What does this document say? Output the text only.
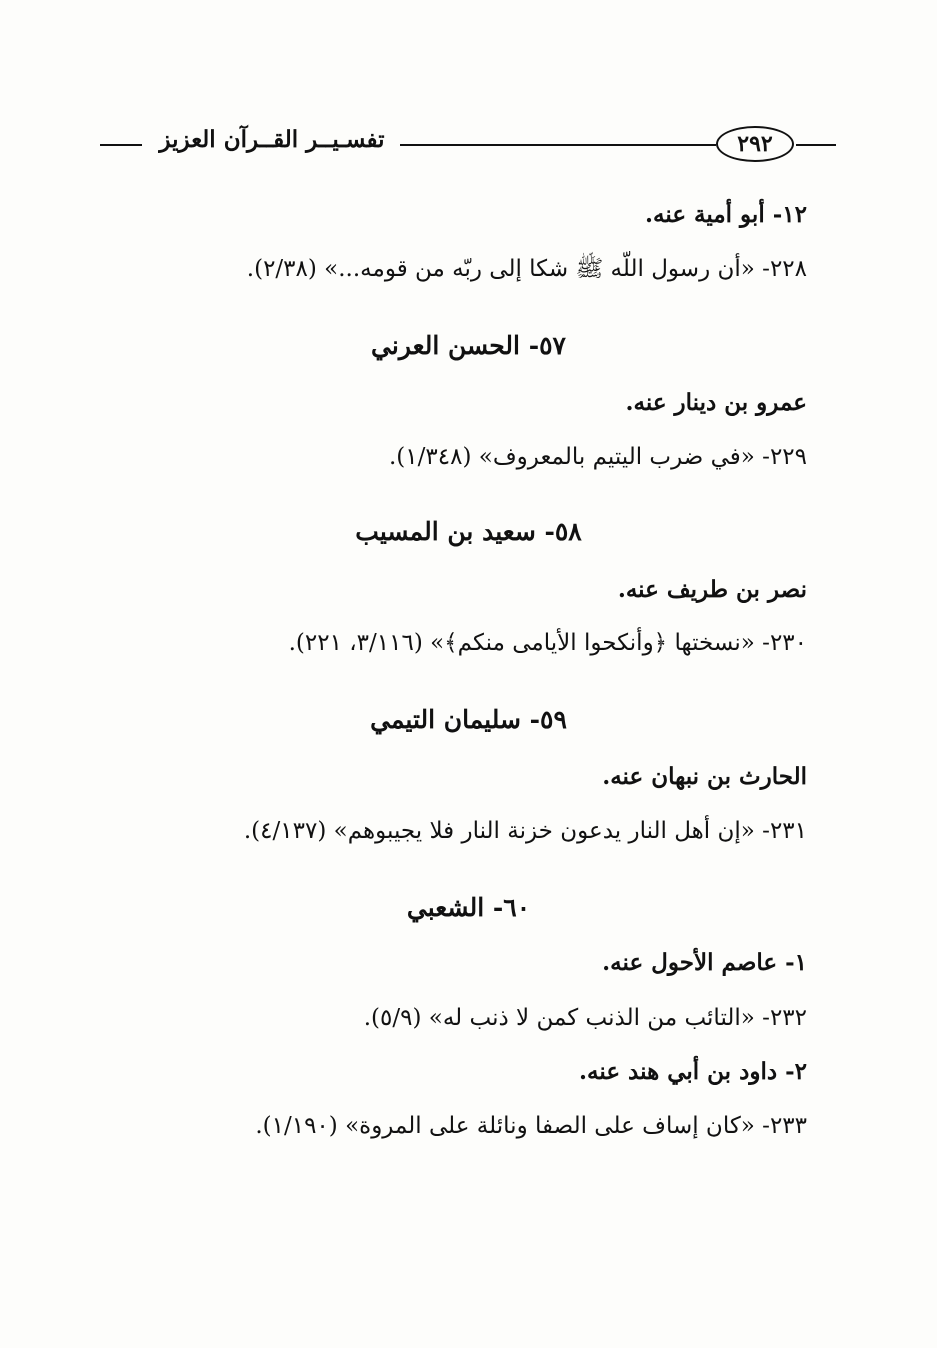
تفسـيــر القــرآن العزيز	٢٩٢
١٢- أبو أمية عنه.
٢٢٨- «أن رسول اللّه ﷺ شكا إلى ربّه من قومه...» (٢/٣٨).
٥٧- الحسن العرني
عمرو بن دينار عنه.
٢٢٩- «في ضرب اليتيم بالمعروف» (١/٣٤٨).
٥٨- سعيد بن المسيب
نصر بن طريف عنه.
٢٣٠- «نسختها ﴿وأنكحوا الأيامى منكم﴾» (٣/١١٦، ٢٢١).
٥٩- سليمان التيمي
الحارث بن نبهان عنه.
٢٣١- «إن أهل النار يدعون خزنة النار فلا يجيبوهم» (٤/١٣٧).
٦٠- الشعبي
١- عاصم الأحول عنه.
٢٣٢- «التائب من الذنب كمن لا ذنب له» (٥/٩).
٢- داود بن أبي هند عنه.
٢٣٣- «كان إساف على الصفا ونائلة على المروة» (١/١٩٠).
